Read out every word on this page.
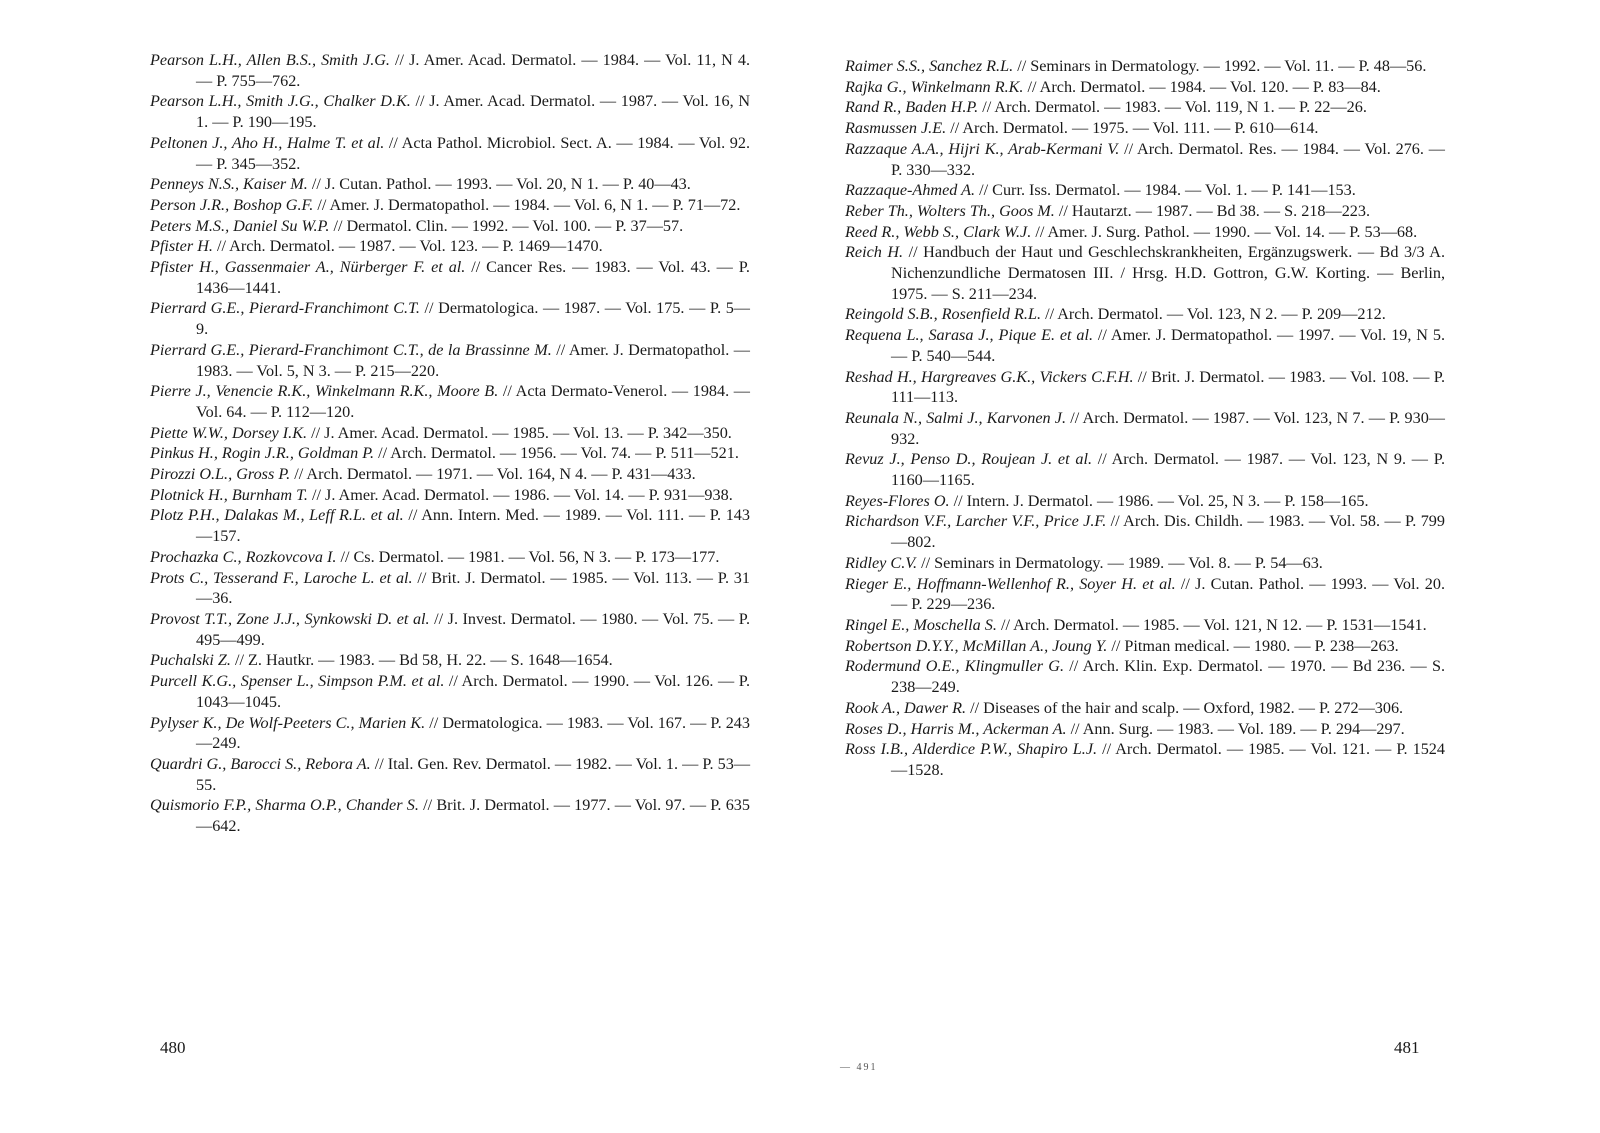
Pearson L.H., Allen B.S., Smith J.G. // J. Amer. Acad. Dermatol. — 1984. — Vol. 11, N 4. — P. 755—762.
Pearson L.H., Smith J.G., Chalker D.K. // J. Amer. Acad. Dermatol. — 1987. — Vol. 16, N 1. — P. 190—195.
Peltonen J., Aho H., Halme T. et al. // Acta Pathol. Microbiol. Sect. A. — 1984. — Vol. 92. — P. 345—352.
Penneys N.S., Kaiser M. // J. Cutan. Pathol. — 1993. — Vol. 20, N 1. — P. 40—43.
Person J.R., Boshop G.F. // Amer. J. Dermatopathol. — 1984. — Vol. 6, N 1. — P. 71—72.
Peters M.S., Daniel Su W.P. // Dermatol. Clin. — 1992. — Vol. 100. — P. 37—57.
Pfister H. // Arch. Dermatol. — 1987. — Vol. 123. — P. 1469—1470.
Pfister H., Gassenmaier A., Nürberger F. et al. // Cancer Res. — 1983. — Vol. 43. — P. 1436—1441.
Pierrard G.E., Pierard-Franchimont C.T. // Dermatologica. — 1987. — Vol. 175. — P. 5—9.
Pierrard G.E., Pierard-Franchimont C.T., de la Brassinne M. // Amer. J. Dermatopathol. — 1983. — Vol. 5, N 3. — P. 215—220.
Pierre J., Venencie R.K., Winkelmann R.K., Moore B. // Acta Dermato-Venerol. — 1984. — Vol. 64. — P. 112—120.
Piette W.W., Dorsey I.K. // J. Amer. Acad. Dermatol. — 1985. — Vol. 13. — P. 342—350.
Pinkus H., Rogin J.R., Goldman P. // Arch. Dermatol. — 1956. — Vol. 74. — P. 511—521.
Pirozzi O.L., Gross P. // Arch. Dermatol. — 1971. — Vol. 164, N 4. — P. 431—433.
Plotnick H., Burnham T. // J. Amer. Acad. Dermatol. — 1986. — Vol. 14. — P. 931—938.
Plotz P.H., Dalakas M., Leff R.L. et al. // Ann. Intern. Med. — 1989. — Vol. 111. — P. 143—157.
Prochazka C., Rozkovcova I. // Cs. Dermatol. — 1981. — Vol. 56, N 3. — P. 173—177.
Prots C., Tesserand F., Laroche L. et al. // Brit. J. Dermatol. — 1985. — Vol. 113. — P. 31—36.
Provost T.T., Zone J.J., Synkowski D. et al. // J. Invest. Dermatol. — 1980. — Vol. 75. — P. 495—499.
Puchalski Z. // Z. Hautkr. — 1983. — Bd 58, H. 22. — S. 1648—1654.
Purcell K.G., Spenser L., Simpson P.M. et al. // Arch. Dermatol. — 1990. — Vol. 126. — P. 1043—1045.
Pylyser K., De Wolf-Peeters C., Marien K. // Dermatologica. — 1983. — Vol. 167. — P. 243—249.
Quardri G., Barocci S., Rebora A. // Ital. Gen. Rev. Dermatol. — 1982. — Vol. 1. — P. 53—55.
Quismorio F.P., Sharma O.P., Chander S. // Brit. J. Dermatol. — 1977. — Vol. 97. — P. 635—642.
480
Raimer S.S., Sanchez R.L. // Seminars in Dermatology. — 1992. — Vol. 11. — P. 48—56.
Rajka G., Winkelmann R.K. // Arch. Dermatol. — 1984. — Vol. 120. — P. 83—84.
Rand R., Baden H.P. // Arch. Dermatol. — 1983. — Vol. 119, N 1. — P. 22—26.
Rasmussen J.E. // Arch. Dermatol. — 1975. — Vol. 111. — P. 610—614.
Razzaque A.A., Hijri K., Arab-Kermani V. // Arch. Dermatol. Res. — 1984. — Vol. 276. — P. 330—332.
Razzaque-Ahmed A. // Curr. Iss. Dermatol. — 1984. — Vol. 1. — P. 141—153.
Reber Th., Wolters Th., Goos M. // Hautarzt. — 1987. — Bd 38. — S. 218—223.
Reed R., Webb S., Clark W.J. // Amer. J. Surg. Pathol. — 1990. — Vol. 14. — P. 53—68.
Reich H. // Handbuch der Haut und Geschlechskrankheiten, Ergänzugswerk. — Bd 3/3 A. Nichenzundliche Dermatosen III. / Hrsg. H.D. Gottron, G.W. Korting. — Berlin, 1975. — S. 211—234.
Reingold S.B., Rosenfield R.L. // Arch. Dermatol. — Vol. 123, N 2. — P. 209—212.
Requena L., Sarasa J., Pique E. et al. // Amer. J. Dermatopathol. — 1997. — Vol. 19, N 5. — P. 540—544.
Reshad H., Hargreaves G.K., Vickers C.F.H. // Brit. J. Dermatol. — 1983. — Vol. 108. — P. 111—113.
Reunala N., Salmi J., Karvonen J. // Arch. Dermatol. — 1987. — Vol. 123, N 7. — P. 930—932.
Revuz J., Penso D., Roujean J. et al. // Arch. Dermatol. — 1987. — Vol. 123, N 9. — P. 1160—1165.
Reyes-Flores O. // Intern. J. Dermatol. — 1986. — Vol. 25, N 3. — P. 158—165.
Richardson V.F., Larcher V.F., Price J.F. // Arch. Dis. Childh. — 1983. — Vol. 58. — P. 799—802.
Ridley C.V. // Seminars in Dermatology. — 1989. — Vol. 8. — P. 54—63.
Rieger E., Hoffmann-Wellenhof R., Soyer H. et al. // J. Cutan. Pathol. — 1993. — Vol. 20. — P. 229—236.
Ringel E., Moschella S. // Arch. Dermatol. — 1985. — Vol. 121, N 12. — P. 1531—1541.
Robertson D.Y.Y., McMillan A., Joung Y. // Pitman medical. — 1980. — P. 238—263.
Rodermund O.E., Klingmuller G. // Arch. Klin. Exp. Dermatol. — 1970. — Bd 236. — S. 238—249.
Rook A., Dawer R. // Diseases of the hair and scalp. — Oxford, 1982. — P. 272—306.
Roses D., Harris M., Ackerman A. // Ann. Surg. — 1983. — Vol. 189. — P. 294—297.
Ross I.B., Alderdice P.W., Shapiro L.J. // Arch. Dermatol. — 1985. — Vol. 121. — P. 1524—1528.
481
— 491
